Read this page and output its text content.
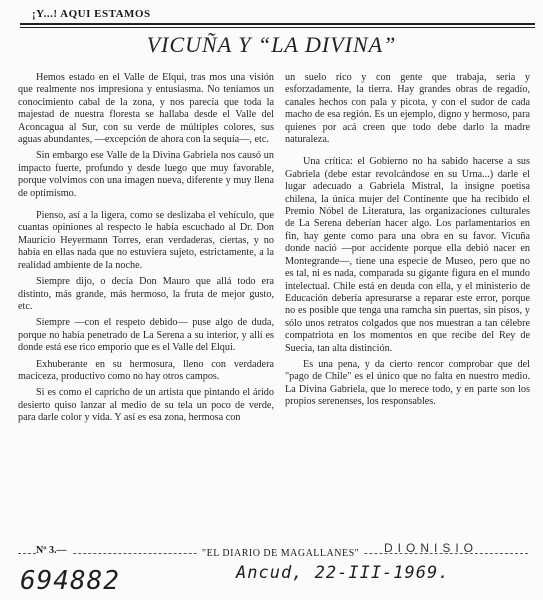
¡Y...! AQUI ESTAMOS
VICUÑA Y “LA DIVINA”

Hemos estado en el Valle de Elqui, tras mos una visión que realmente nos impresiona y entusiasma. No teníamos un conocimiento cabal de la zona, y nos parecía que toda la majestad de nuestra floresta se hallaba desde el Valle del Aconcagua al Sur, con su verde de múltiples colores, sus aguas abundantes, —excepción de ahora con la sequía—, etc.

Sin embargo ese Valle de la Divina Gabriela nos causó un impacto fuerte, profundo y desde luego que muy favorable, porque volvimos con una imagen nueva, diferente y muy llena de optimismo.

Pienso, así a la ligera, como se deslizaba el vehículo, que cuantas opiniones al respecto le había escuchado al Dr. Don Mauricio Heyermann Torres, eran verdaderas, ciertas, y no había en ellas nada que no estuviera sujeto, estrictamente, a la realidad ambiente de la noche.

Siempre dijo, o decía Don Mauro que allá todo era distinto, más grande, más hermoso, la fruta de mejor gusto, etc.

Siempre —con el respeto debido— puse algo de duda, porque no había penetrado de La Serena a su interior, y allí es donde está ese rico emporio que es el Valle del Elqui.

Exhuberante en su hermosura, lleno con verdadera maciceza, productivo como no hay otros campos.

Si es como el capricho de un artista que pintando el árido desierto quiso lanzar al medio de su tela un poco de verde, para darle color y vida. Y así es esa zona, hermosa con

un suelo rico y con gente que trabaja, seria y esforzadamente, la tierra. Hay grandes obras de regadío, canales hechos con pala y picota, y con el sudor de cada macho de esa región. Es un ejemplo, digno y hermoso, para quienes por acá creen que todo debe darlo la madre naturaleza.

Una crítica: el Gobierno no ha sabido hacerse a sus Gabriela (debe estar revolcándose en su Urna...) darle el lugar adecuado a Gabriela Mistral, la insigne poetisa chilena, la única mujer del Continente que ha recibido el Premio Nóbel de Literatura, las organizaciones culturales de La Serena deberían hacer algo. Los parlamentarios en fin, hay gente como para una obra en su favor. Vicuña donde nació —por accidente porque ella debió nacer en Montegrande—, tiene una especie de Museo, pero que no es tal, ni es nada, comparada su gigante figura en el mundo intelectual. Chile está en deuda con ella, y el ministerio de Educación debería apresurarse a reparar este error, porque no es posible que tenga una ramcha sin puertas, sin pisos, y sólo unos retratos colgados que nos muestran a tan célebre compatriota en los momentos en que recibe del Rey de Suecia, tan alta distinción.

Es una pena, y da cierto rencor comprobar que del "pago de Chile" es el único que no falta en nuestro medio. La Divina Gabriela, que lo merece todo, y en parte son los propios serenenses, los responsables.

DIONISIO
Nº 3.—	"EL DIARIO DE MAGALLANES"
694882	Ancud, 22-III-1969.
